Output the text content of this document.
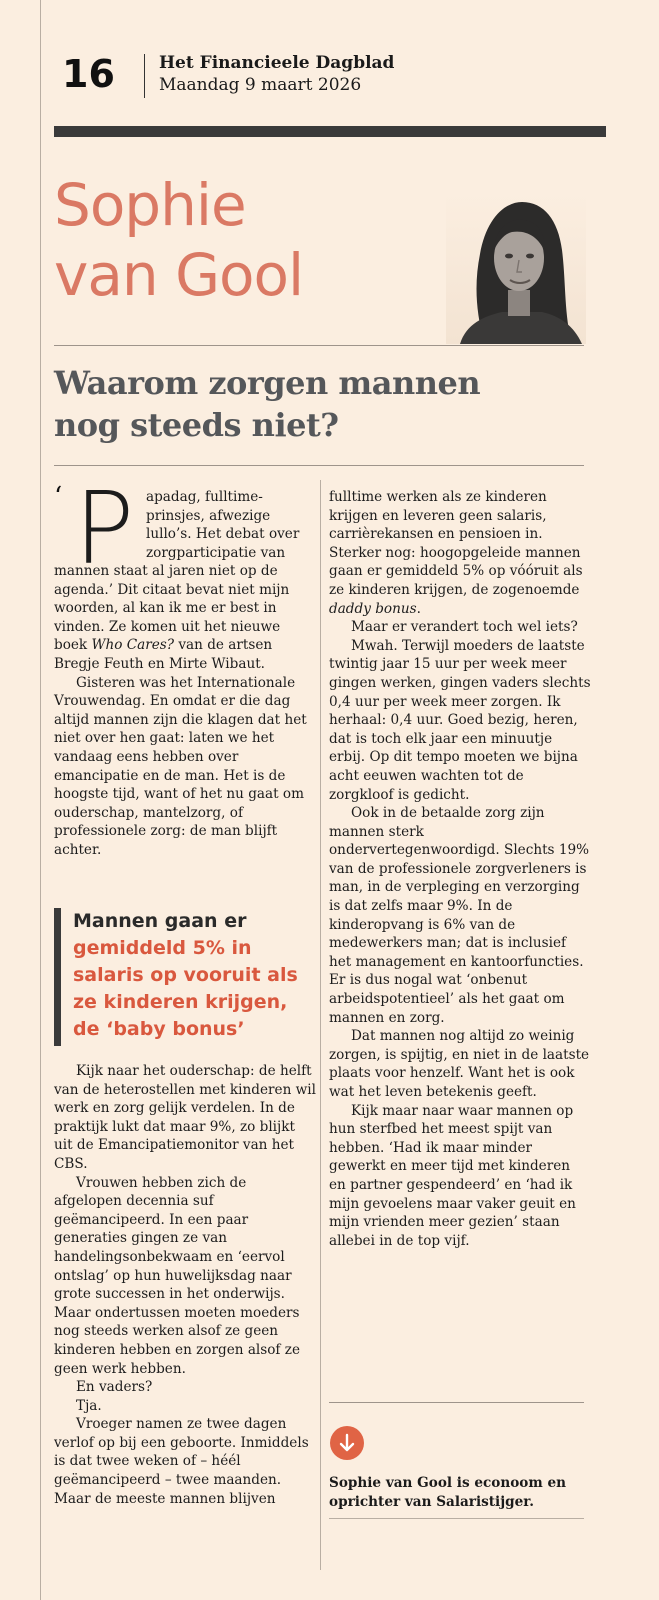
16	Het Financieele Dagblad
Maandag 9 maart 2026
Sophie
van Gool
Waarom zorgen mannen
nog steeds niet?
‘ P apadag, fulltime-
prinsjes, afwezige
lullo’s. Het debat over
zorgparticipatie van

mannen staat al jaren niet op de agenda.’ Dit citaat bevat niet mijn woorden, al kan ik me er best in vinden. Ze komen uit het nieuwe boek Who Cares? van de artsen Bregje Feuth en Mirte Wibaut.

Gisteren was het Internationale Vrouwendag. En omdat er die dag altijd mannen zijn die klagen dat het niet over hen gaat: laten we het vandaag eens hebben over emancipatie en de man. Het is de hoogste tijd, want of het nu gaat om ouderschap, mantelzorg, of professionele zorg: de man blijft achter.

Mannen gaan er gemiddeld 5% in salaris op vooruit als ze kinderen krijgen, de ‘baby bonus’

Kijk naar het ouderschap: de helft van de heterostellen met kinderen wil werk en zorg gelijk verdelen. In de praktijk lukt dat maar 9%, zo blijkt uit de Emancipatiemonitor van het CBS.

Vrouwen hebben zich de afgelopen decennia suf geëmancipeerd. In een paar generaties gingen ze van handelingsonbekwaam en ‘eervol ontslag’ op hun huwelijksdag naar grote successen in het onderwijs. Maar ondertussen moeten moeders nog steeds werken alsof ze geen kinderen hebben en zorgen alsof ze geen werk hebben.

En vaders?

Tja.

Vroeger namen ze twee dagen verlof op bij een geboorte. Inmiddels is dat twee weken of – héél geëmancipeerd – twee maanden. Maar de meeste mannen blijven

fulltime werken als ze kinderen krijgen en leveren geen salaris, carrièrekansen en pensioen in. Sterker nog: hoogopgeleide mannen gaan er gemiddeld 5% op vóóruit als ze kinderen krijgen, de zogenoemde daddy bonus.

Maar er verandert toch wel iets?

Mwah. Terwijl moeders de laatste twintig jaar 15 uur per week meer gingen werken, gingen vaders slechts 0,4 uur per week meer zorgen. Ik herhaal: 0,4 uur. Goed bezig, heren, dat is toch elk jaar een minuutje erbij. Op dit tempo moeten we bijna acht eeuwen wachten tot de zorgkloof is gedicht.

Ook in de betaalde zorg zijn mannen sterk ondervertegenwoordigd. Slechts 19% van de professionele zorgverleners is man, in de verpleging en verzorging is dat zelfs maar 9%. In de kinderopvang is 6% van de medewerkers man; dat is inclusief het management en kantoorfuncties. Er is dus nogal wat ‘onbenut arbeidspotentieel’ als het gaat om mannen en zorg.

Dat mannen nog altijd zo weinig zorgen, is spijtig, en niet in de laatste plaats voor henzelf. Want het is ook wat het leven betekenis geeft.

Kijk maar naar waar mannen op hun sterfbed het meest spijt van hebben. ‘Had ik maar minder gewerkt en meer tijd met kinderen en partner gespendeerd’ en ‘had ik mijn gevoelens maar vaker geuit en mijn vrienden meer gezien’ staan allebei in de top vijf.

Sophie van Gool is econoom en oprichter van Salaristijger.
